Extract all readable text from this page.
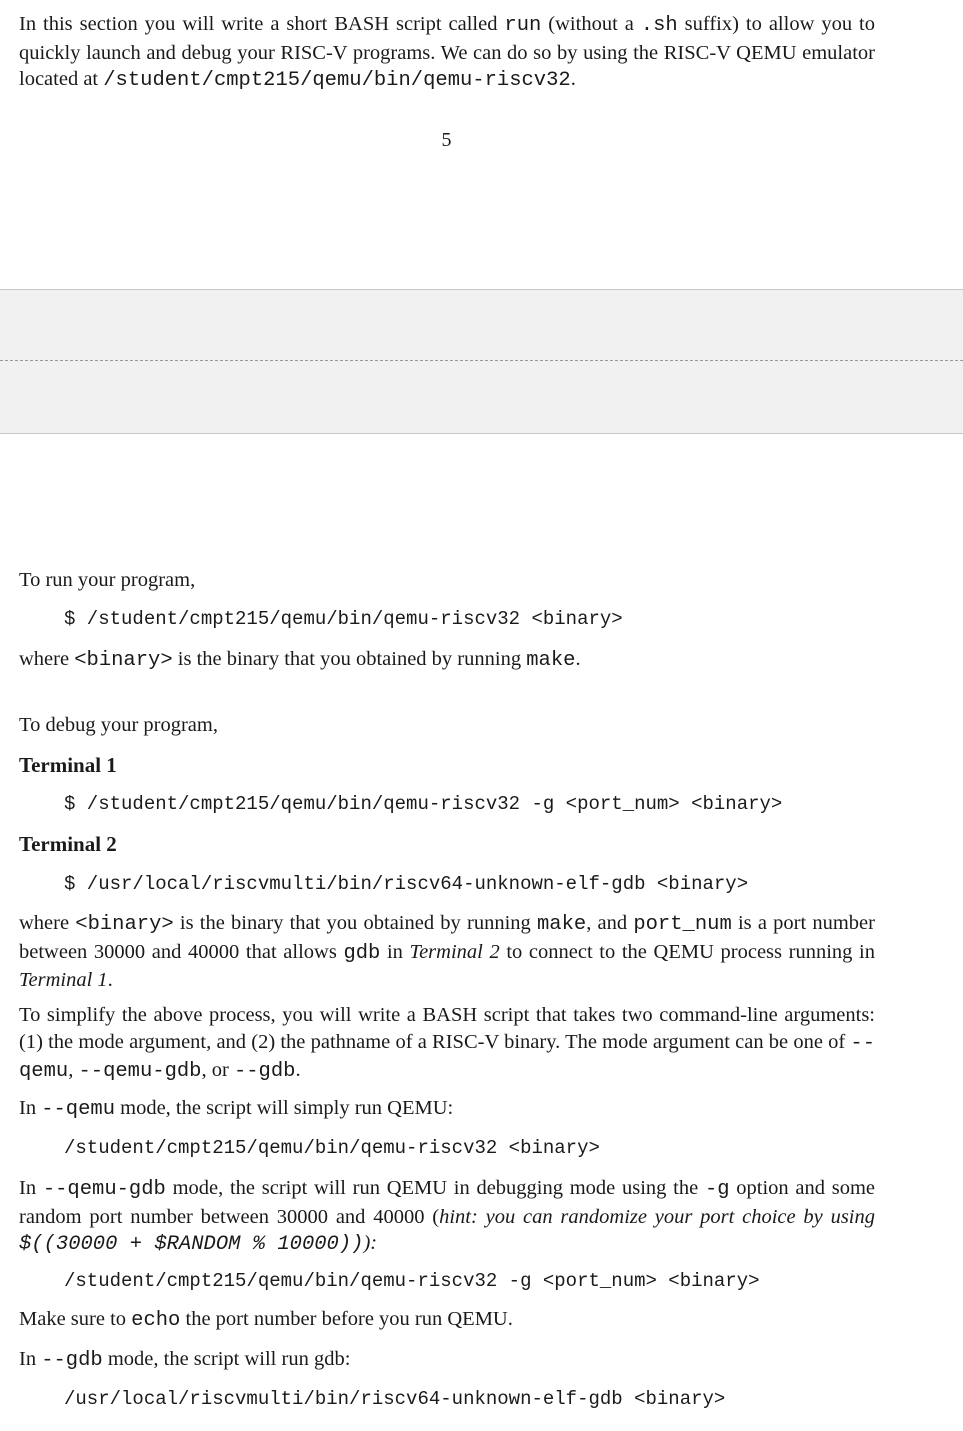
In this section you will write a short BASH script called run (without a .sh suffix) to allow you to quickly launch and debug your RISC-V programs. We can do so by using the RISC-V QEMU emulator located at /student/cmpt215/qemu/bin/qemu-riscv32.

5

To run your program,

$ /student/cmpt215/qemu/bin/qemu-riscv32 <binary>

where <binary> is the binary that you obtained by running make.

To debug your program,

Terminal 1

$ /student/cmpt215/qemu/bin/qemu-riscv32 -g <port_num> <binary>

Terminal 2

$ /usr/local/riscvmulti/bin/riscv64-unknown-elf-gdb <binary>

where <binary> is the binary that you obtained by running make, and port_num is a port number between 30000 and 40000 that allows gdb in Terminal 2 to connect to the QEMU process running in Terminal 1.

To simplify the above process, you will write a BASH script that takes two command-line arguments: (1) the mode argument, and (2) the pathname of a RISC-V binary. The mode argument can be one of --qemu, --qemu-gdb, or --gdb.

In --qemu mode, the script will simply run QEMU:

/student/cmpt215/qemu/bin/qemu-riscv32 <binary>

In --qemu-gdb mode, the script will run QEMU in debugging mode using the -g option and some random port number between 30000 and 40000 (hint: you can randomize your port choice by using $((30000 + $RANDOM % 10000))):

/student/cmpt215/qemu/bin/qemu-riscv32 -g <port_num> <binary>

Make sure to echo the port number before you run QEMU.

In --gdb mode, the script will run gdb:

/usr/local/riscvmulti/bin/riscv64-unknown-elf-gdb <binary>
